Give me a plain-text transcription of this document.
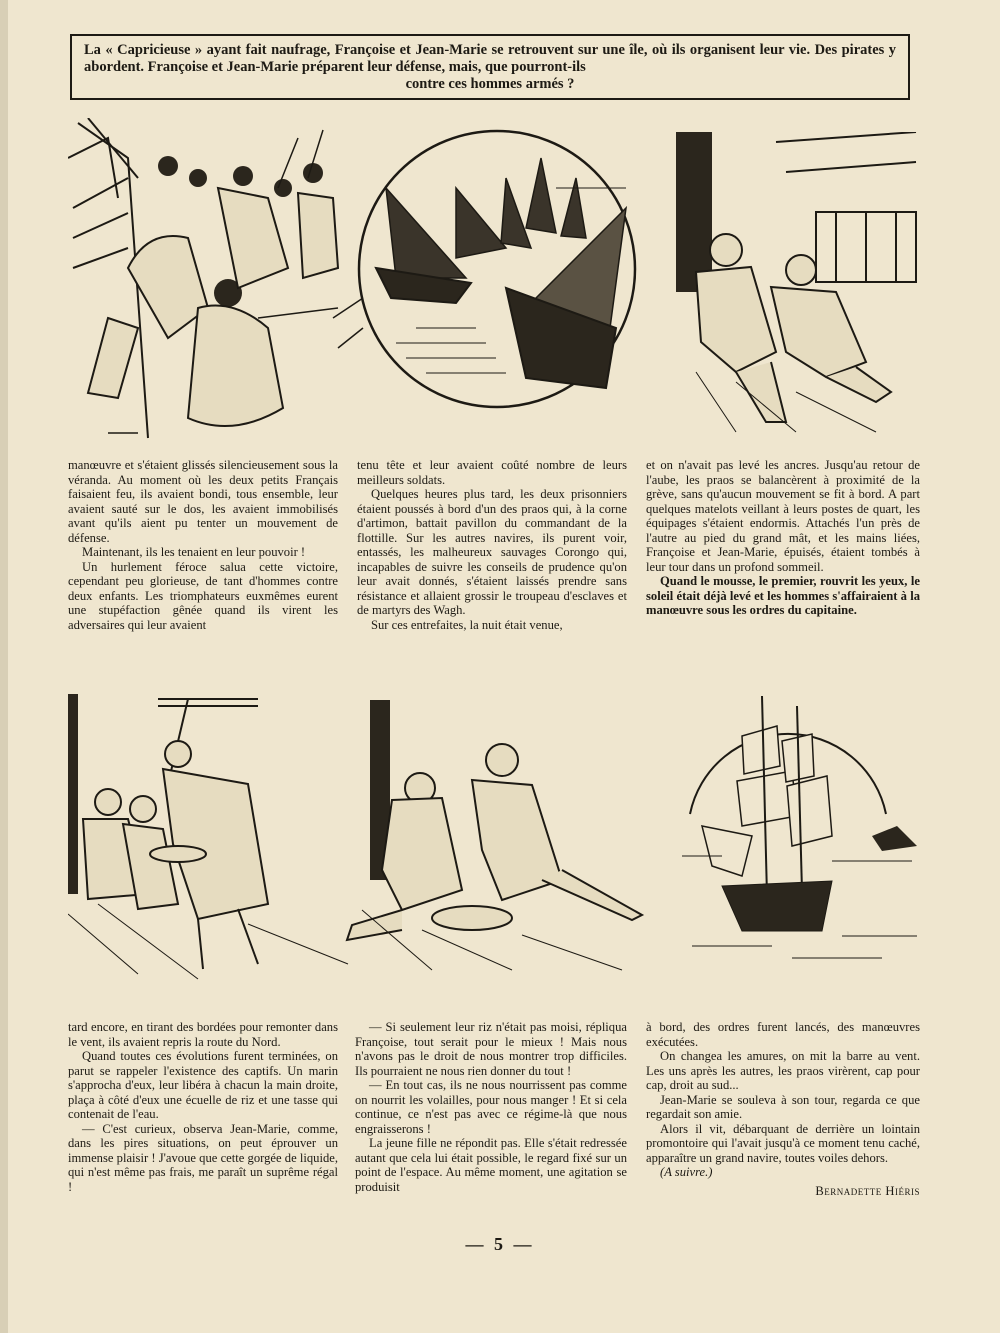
La « Capricieuse » ayant fait naufrage, Françoise et Jean-Marie se retrouvent sur une île, où ils organisent leur vie. Des pirates y abordent. Françoise et Jean-Marie préparent leur défense, mais, que pourront-ils
contre ces hommes armés ?

manœuvre et s'étaient glissés silencieusement sous la véranda. Au moment où les deux petits Français faisaient feu, ils avaient bondi, tous ensemble, leur avaient sauté sur le dos, les avaient immobilisés avant qu'ils aient pu tenter un mouvement de défense.

Maintenant, ils les tenaient en leur pouvoir !

Un hurlement féroce salua cette victoire, cependant peu glorieuse, de tant d'hommes contre deux enfants. Les triomphateurs euxmêmes eurent une stupéfaction gênée quand ils virent les adversaires qui leur avaient

tenu tête et leur avaient coûté nombre de leurs meilleurs soldats.

Quelques heures plus tard, les deux prisonniers étaient poussés à bord d'un des praos qui, à la corne d'artimon, battait pavillon du commandant de la flottille. Sur les autres navires, ils purent voir, entassés, les malheureux sauvages Corongo qui, incapables de suivre les conseils de prudence qu'on leur avait donnés, s'étaient laissés prendre sans résistance et allaient grossir le troupeau d'esclaves et de martyrs des Wagh.

Sur ces entrefaites, la nuit était venue,

et on n'avait pas levé les ancres. Jusqu'au retour de l'aube, les praos se balancèrent à proximité de la grève, sans qu'aucun mouvement se fit à bord. A part quelques matelots veillant à leurs postes de quart, les équipages s'étaient endormis. Attachés l'un près de l'autre au pied du grand mât, et les mains liées, Françoise et Jean-Marie, épuisés, étaient tombés à leur tour dans un profond sommeil.

Quand le mousse, le premier, rouvrit les yeux, le soleil était déjà levé et les hommes s'affairaient à la manœuvre sous les ordres du capitaine.

tard encore, en tirant des bordées pour remonter dans le vent, ils avaient repris la route du Nord.

Quand toutes ces évolutions furent terminées, on parut se rappeler l'existence des captifs. Un marin s'approcha d'eux, leur libéra à chacun la main droite, plaça à côté d'eux une écuelle de riz et une tasse qui contenait de l'eau.

— C'est curieux, observa Jean-Marie, comme, dans les pires situations, on peut éprouver un immense plaisir ! J'avoue que cette gorgée de liquide, qui n'est même pas frais, me paraît un suprême régal !

— Si seulement leur riz n'était pas moisi, répliqua Françoise, tout serait pour le mieux ! Mais nous n'avons pas le droit de nous montrer trop difficiles. Ils pourraient ne nous rien donner du tout !

— En tout cas, ils ne nous nourrissent pas comme on nourrit les volailles, pour nous manger ! Et si cela continue, ce n'est pas avec ce régime-là que nous engraisserons !

La jeune fille ne répondit pas. Elle s'était redressée autant que cela lui était possible, le regard fixé sur un point de l'espace. Au même moment, une agitation se produisit

à bord, des ordres furent lancés, des manœuvres exécutées.

On changea les amures, on mit la barre au vent. Les uns après les autres, les praos virèrent, cap pour cap, droit au sud...

Jean-Marie se souleva à son tour, regarda ce que regardait son amie.

Alors il vit, débarquant de derrière un lointain promontoire qui l'avait jusqu'à ce moment tenu caché, apparaître un grand navire, toutes voiles dehors.

(A suivre.)
Bernadette Hiéris
— 5 —
